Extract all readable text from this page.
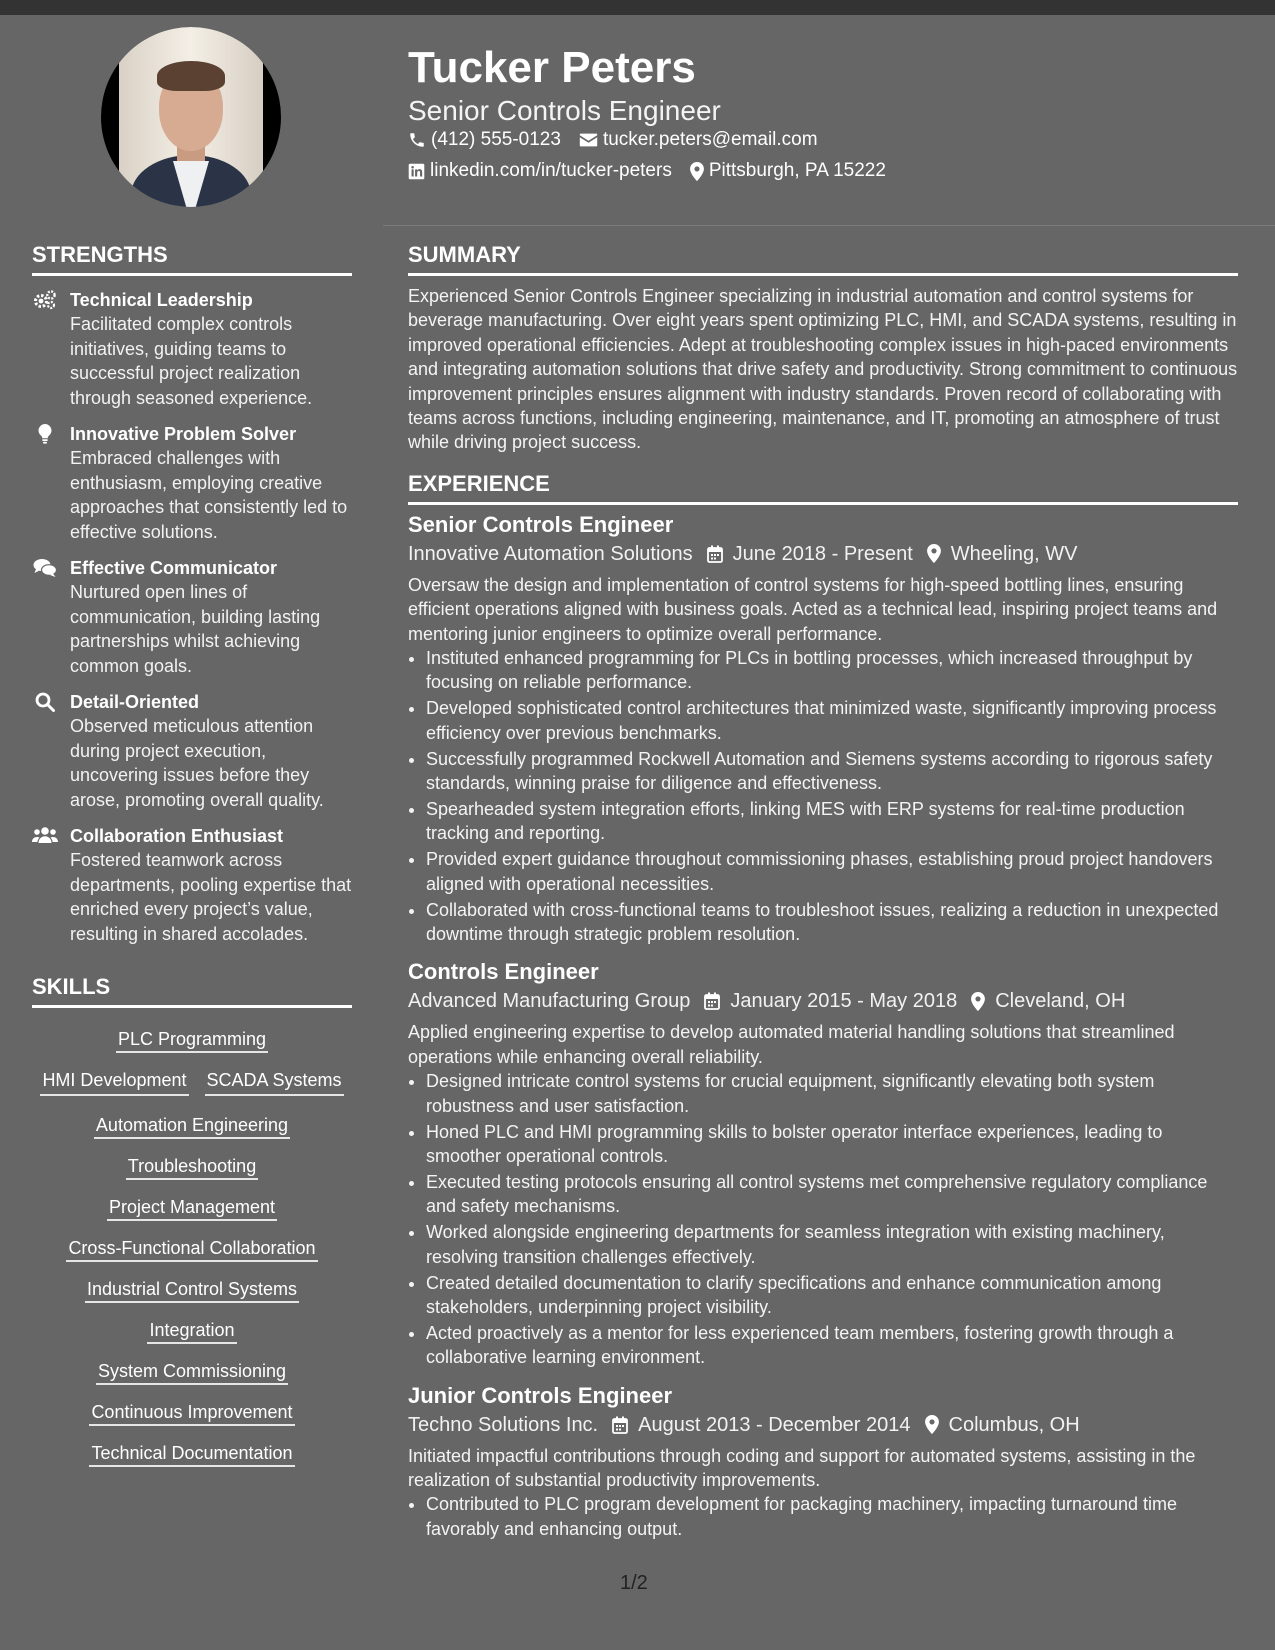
Tucker Peters
Senior Controls Engineer
(412) 555-0123 tucker.peters@email.com
linkedin.com/in/tucker-peters Pittsburgh, PA 15222
STRENGTHS
Technical Leadership
Facilitated complex controls initiatives, guiding teams to successful project realization through seasoned experience.
Innovative Problem Solver
Embraced challenges with enthusiasm, employing creative approaches that consistently led to effective solutions.
Effective Communicator
Nurtured open lines of communication, building lasting partnerships whilst achieving common goals.
Detail-Oriented
Observed meticulous attention during project execution, uncovering issues before they arose, promoting overall quality.
Collaboration Enthusiast
Fostered teamwork across departments, pooling expertise that enriched every project’s value, resulting in shared accolades.
SKILLS
PLC Programming
HMI Development SCADA Systems
Automation Engineering
Troubleshooting
Project Management
Cross-Functional Collaboration
Industrial Control Systems
Integration
System Commissioning
Continuous Improvement
Technical Documentation
SUMMARY

Experienced Senior Controls Engineer specializing in industrial automation and control systems for beverage manufacturing. Over eight years spent optimizing PLC, HMI, and SCADA systems, resulting in improved operational efficiencies. Adept at troubleshooting complex issues in high-paced environments and integrating automation solutions that drive safety and productivity. Strong commitment to continuous improvement principles ensures alignment with industry standards. Proven record of collaborating with teams across functions, including engineering, maintenance, and IT, promoting an atmosphere of trust while driving project success.

EXPERIENCE
Senior Controls Engineer
Innovative Automation Solutions June 2018 - Present Wheeling, WV

Oversaw the design and implementation of control systems for high-speed bottling lines, ensuring efficient operations aligned with business goals. Acted as a technical lead, inspiring project teams and mentoring junior engineers to optimize overall performance.

• Instituted enhanced programming for PLCs in bottling processes, which increased throughput by focusing on reliable performance.
• Developed sophisticated control architectures that minimized waste, significantly improving process efficiency over previous benchmarks.
• Successfully programmed Rockwell Automation and Siemens systems according to rigorous safety standards, winning praise for diligence and effectiveness.
• Spearheaded system integration efforts, linking MES with ERP systems for real-time production tracking and reporting.
• Provided expert guidance throughout commissioning phases, establishing proud project handovers aligned with operational necessities.
• Collaborated with cross-functional teams to troubleshoot issues, realizing a reduction in unexpected downtime through strategic problem resolution.
Controls Engineer
Advanced Manufacturing Group January 2015 - May 2018 Cleveland, OH

Applied engineering expertise to develop automated material handling solutions that streamlined operations while enhancing overall reliability.

• Designed intricate control systems for crucial equipment, significantly elevating both system robustness and user satisfaction.
• Honed PLC and HMI programming skills to bolster operator interface experiences, leading to smoother operational controls.
• Executed testing protocols ensuring all control systems met comprehensive regulatory compliance and safety mechanisms.
• Worked alongside engineering departments for seamless integration with existing machinery, resolving transition challenges effectively.
• Created detailed documentation to clarify specifications and enhance communication among stakeholders, underpinning project visibility.
• Acted proactively as a mentor for less experienced team members, fostering growth through a collaborative learning environment.
Junior Controls Engineer
Techno Solutions Inc. August 2013 - December 2014 Columbus, OH

Initiated impactful contributions through coding and support for automated systems, assisting in the realization of substantial productivity improvements.

• Contributed to PLC program development for packaging machinery, impacting turnaround time favorably and enhancing output.
1/2
